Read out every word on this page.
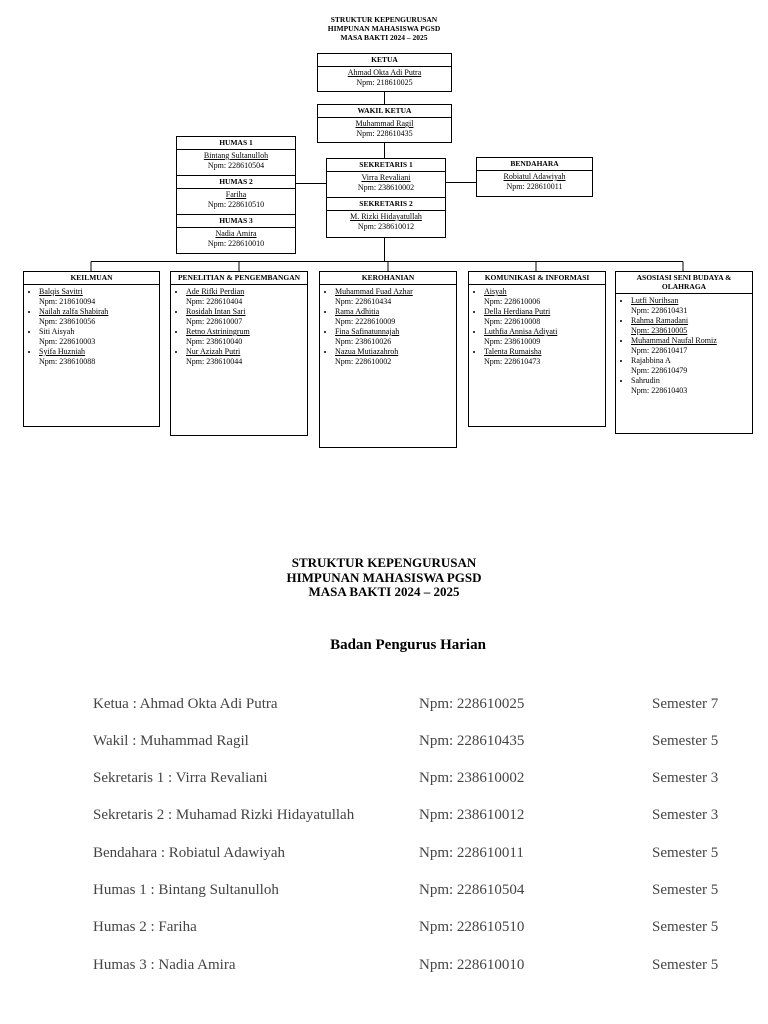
STRUKTUR KEPENGURUSAN
HIMPUNAN MAHASISWA PGSD
MASA BAKTI 2024 – 2025
KETUA
Ahmad Okta Adi Putra
Npm: 218610025
WAKIL KETUA
Muhammad Ragil
Npm: 228610435
HUMAS 1
Bintang Sultanulloh
Npm: 228610504
HUMAS 2
Fariha
Npm: 228610510
HUMAS 3
Nadia Amira
Npm: 228610010
SEKRETARIS 1
Virra Revaliani
Npm: 238610002
SEKRETARIS 2
M. Rizki Hidayatullah
Npm: 238610012
BENDAHARA
Robiatul Adawiyah
Npm: 228610011
KEILMUAN
• Balqis Savitri
Npm: 218610094
• Nailah zalfa Shabirah
Npm: 238610056
• Siti Aisyah
Npm: 228610003
• Syifa Huzniah
Npm: 238610088
PENELITIAN & PENGEMBANGAN
• Ade Rifki Perdian
Npm: 228610404
• Rosidah Intan Sari
Npm: 228610007
• Retno Astriningrum
Npm: 238610040
• Nur Azizah Putri
Npm: 238610044
KEROHANIAN
• Muhammad Fuad Azhar
Npm: 228610434
• Rama Adhitia
Npm: 2228610009
• Fina Safinatunnajah
Npm: 238610026
• Nazua Mutiazahroh
Npm: 228610002
KOMUNIKASI & INFORMASI
• Aisyah
Npm: 228610006
• Della Herdiana Putri
Npm: 228610008
• Luthfia Annisa Adiyati
Npm: 238610009
• Talenta Rumaisha
Npm: 228610473
ASOSIASI SENI BUDAYA & OLAHRAGA
• Lutfi Nurihsan
Npm: 228610431
• Rahma Ramadani
Npm: 238610005
• Muhammad Naufal Romiz
Npm: 228610417
• Rajabbina A
Npm: 228610479
• Sahrudin
Npm: 228610403
STRUKTUR KEPENGURUSAN
HIMPUNAN MAHASISWA PGSD
MASA BAKTI 2024 – 2025
Badan Pengurus Harian
Ketua : Ahmad Okta Adi Putra	Npm: 228610025	Semester 7
Wakil : Muhammad Ragil	Npm: 228610435	Semester 5
Sekretaris 1 : Virra Revaliani	Npm: 238610002	Semester 3
Sekretaris 2 : Muhamad Rizki Hidayatullah	Npm: 238610012	Semester 3
Bendahara : Robiatul Adawiyah	Npm: 228610011	Semester 5
Humas 1 : Bintang Sultanulloh	Npm: 228610504	Semester 5
Humas 2 : Fariha	Npm: 228610510	Semester 5
Humas 3 : Nadia Amira	Npm: 228610010	Semester 5
